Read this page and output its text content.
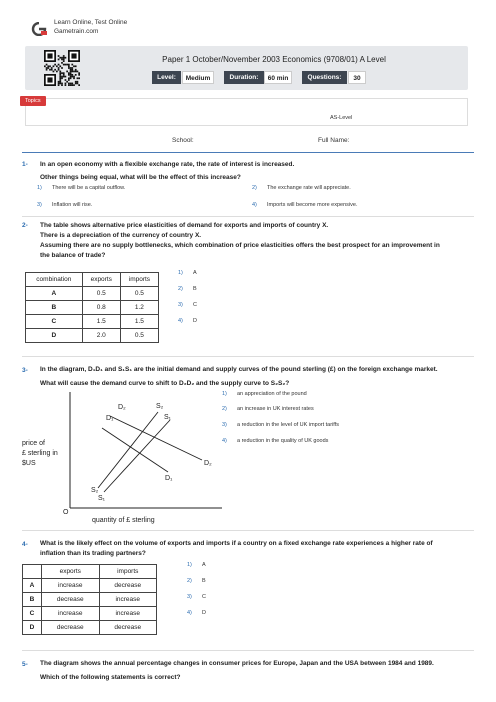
Learn Online, Test Online
Gametrain.com
Paper 1 October/November 2003 Economics (9708/01) A Level
Level:	Medium	Duration:	60 min	Questions:	30
Topics
AS-Level
School:	Full Name:
1- In an open economy with a flexible exchange rate, the rate of interest is increased.
Other things being equal, what will be the effect of this increase?
1) There will be a capital outflow.	2) The exchange rate will appreciate.
3) Inflation will rise.	4) Imports will become more expensive.
2- The table shows alternative price elasticities of demand for exports and imports of country X.
There is a depreciation of the currency of country X.
Assuming there are no supply bottlenecks, which combination of price elasticities offers the best prospect for an improvement in
the balance of trade?
combination	exports	imports
A	0.5	0.5
B	0.8	1.2
C	1.5	1.5
D	2.0	0.5
1) A
2) B
3) C
4) D
3- In the diagram, D₁D₁ and S₁S₁ are the initial demand and supply curves of the pound sterling (£) on the foreign exchange market.
What will cause the demand curve to shift to D₂D₂ and the supply curve to S₂S₂?
D₂
D₁
S₂
S₁
D₂
D₁
S₂
S₁
price of
£ sterling in
$US
O
quantity of £ sterling
1) an appreciation of the pound
2) an increase in UK interest rates
3) a reduction in the level of UK import tariffs
4) a reduction in the quality of UK goods
4- What is the likely effect on the volume of exports and imports if a country on a fixed exchange rate experiences a higher rate of
inflation than its trading partners?
	exports	imports
A	increase	decrease
B	decrease	increase
C	increase	increase
D	decrease	decrease
1) A
2) B
3) C
4) D
5- The diagram shows the annual percentage changes in consumer prices for Europe, Japan and the USA between 1984 and 1989.
Which of the following statements is correct?
